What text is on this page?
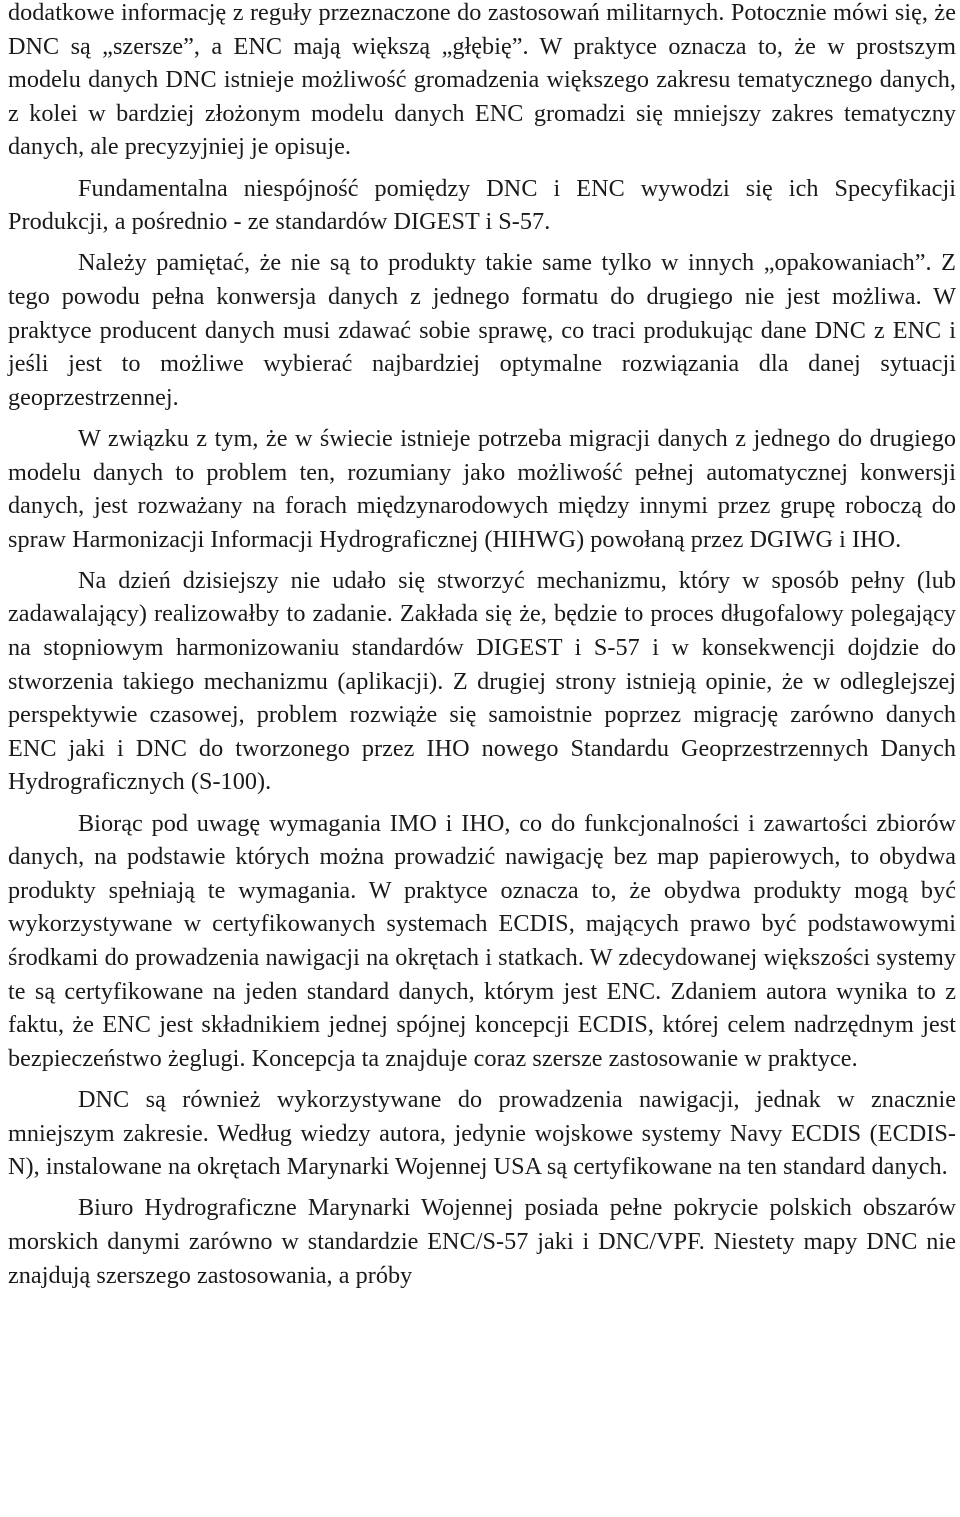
dodatkowe informację z reguły przeznaczone do zastosowań militarnych. Potocznie mówi się, że DNC są „szersze”, a ENC mają większą „głębię”. W praktyce oznacza to, że w prostszym modelu danych DNC istnieje możliwość gromadzenia większego zakresu tematycznego danych, z kolei w bardziej złożonym modelu danych ENC gromadzi się mniejszy zakres tematyczny danych, ale precyzyjniej je opisuje.

Fundamentalna niespójność pomiędzy DNC i ENC wywodzi się ich Specyfikacji Produkcji, a pośrednio - ze standardów DIGEST i S-57.

Należy pamiętać, że nie są to produkty takie same tylko w innych „opakowaniach”. Z tego powodu pełna konwersja danych z jednego formatu do drugiego nie jest możliwa. W praktyce producent danych musi zdawać sobie sprawę, co traci produkując dane DNC z ENC i jeśli jest to możliwe wybierać najbardziej optymalne rozwiązania dla danej sytuacji geoprzestrzennej.

W związku z tym, że w świecie istnieje potrzeba migracji danych z jednego do drugiego modelu danych to problem ten, rozumiany jako możliwość pełnej automatycznej konwersji danych, jest rozważany na forach międzynarodowych między innymi przez grupę roboczą do spraw Harmonizacji Informacji Hydrograficznej (HIHWG) powołaną przez DGIWG i IHO.

Na dzień dzisiejszy nie udało się stworzyć mechanizmu, który w sposób pełny (lub zadawalający) realizowałby to zadanie. Zakłada się że, będzie to proces długofalowy polegający na stopniowym harmonizowaniu standardów DIGEST i S-57 i w konsekwencji dojdzie do stworzenia takiego mechanizmu (aplikacji). Z drugiej strony istnieją opinie, że w odleglejszej perspektywie czasowej, problem rozwiąże się samoistnie poprzez migrację zarówno danych ENC jaki i DNC do tworzonego przez IHO nowego Standardu Geoprzestrzennych Danych Hydrograficznych (S-100).

Biorąc pod uwagę wymagania IMO i IHO, co do funkcjonalności i zawartości zbiorów danych, na podstawie których można prowadzić nawigację bez map papierowych, to obydwa produkty spełniają te wymagania. W praktyce oznacza to, że obydwa produkty mogą być wykorzystywane w certyfikowanych systemach ECDIS, mających prawo być podstawowymi środkami do prowadzenia nawigacji na okrętach i statkach. W zdecydowanej większości systemy te są certyfikowane na jeden standard danych, którym jest ENC. Zdaniem autora wynika to z faktu, że ENC jest składnikiem jednej spójnej koncepcji ECDIS, której celem nadrzędnym jest bezpieczeństwo żeglugi. Koncepcja ta znajduje coraz szersze zastosowanie w praktyce.

DNC są również wykorzystywane do prowadzenia nawigacji, jednak w znacznie mniejszym zakresie. Według wiedzy autora, jedynie wojskowe systemy Navy ECDIS (ECDIS-N), instalowane na okrętach Marynarki Wojennej USA są certyfikowane na ten standard danych.

Biuro Hydrograficzne Marynarki Wojennej posiada pełne pokrycie polskich obszarów morskich danymi zarówno w standardzie ENC/S-57 jaki i DNC/VPF. Niestety mapy DNC nie znajdują szerszego zastosowania, a próby
